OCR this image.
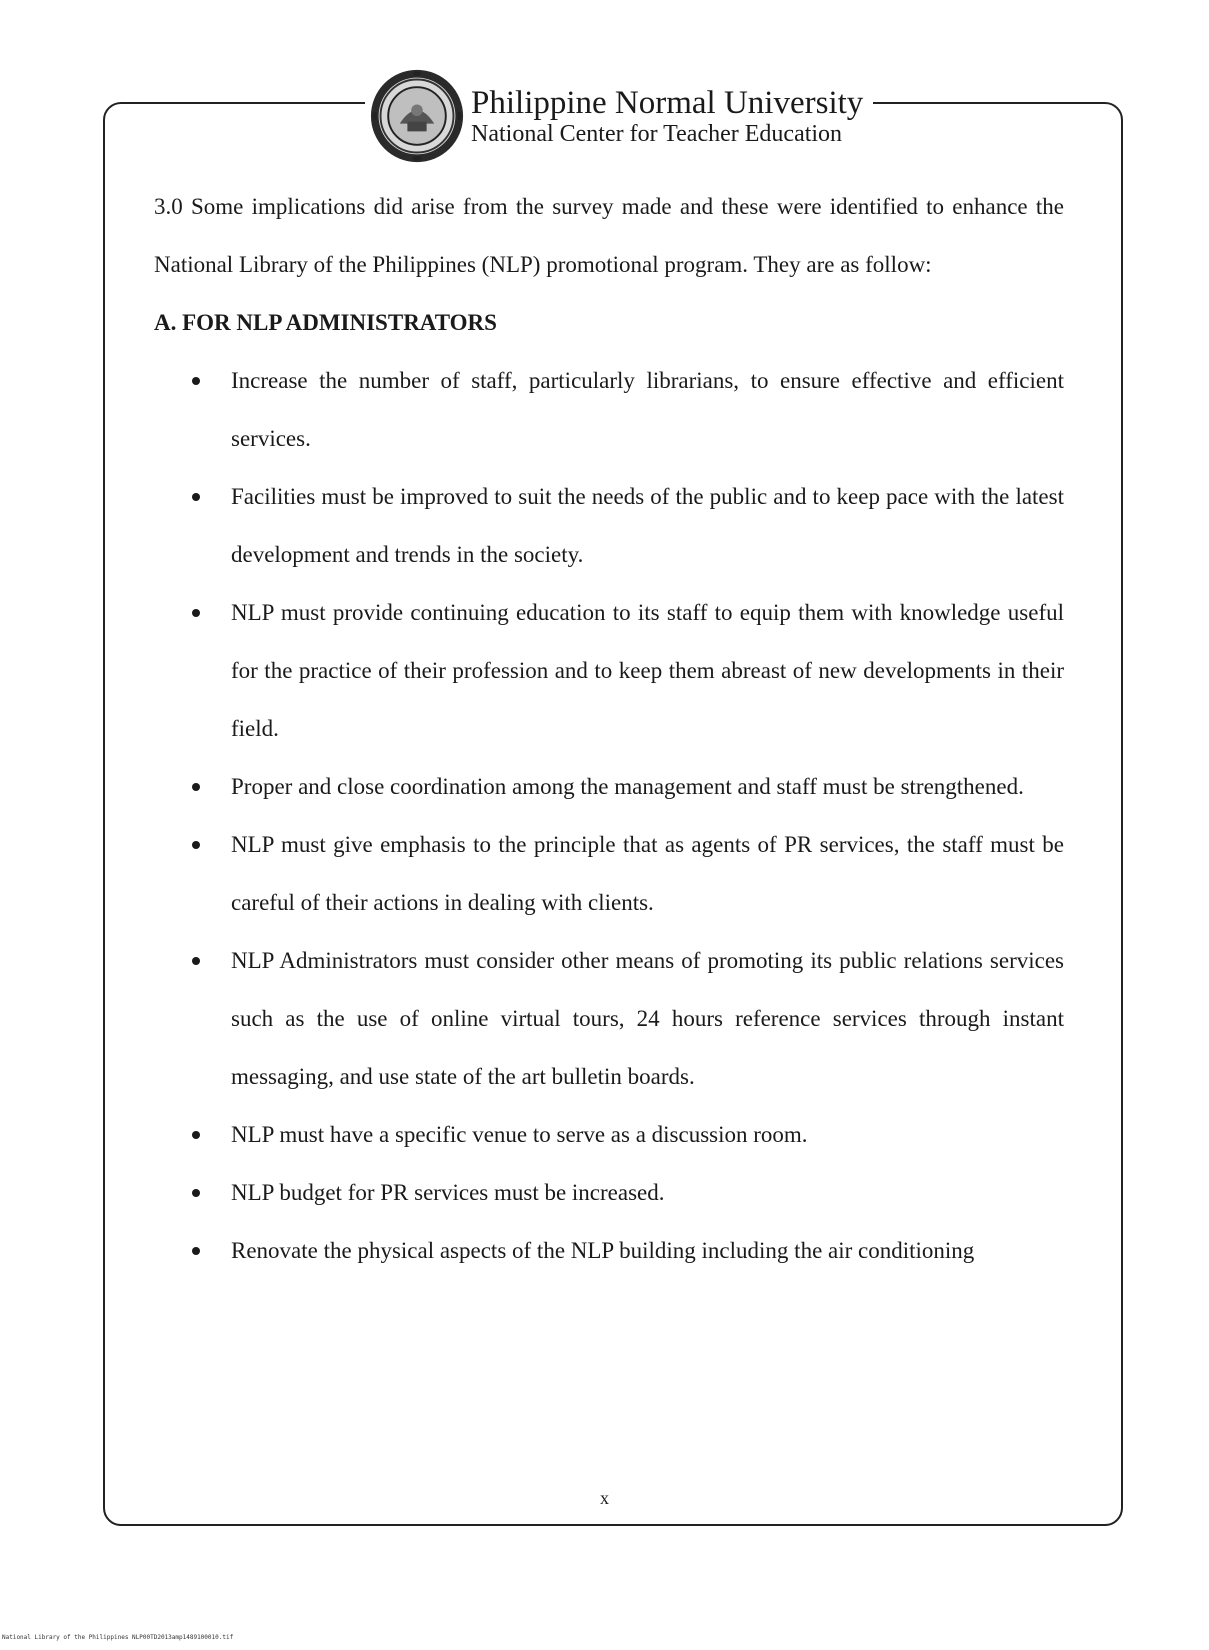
Philippine Normal University
National Center for Teacher Education

3.0 Some implications did arise from the survey made and these were identified to enhance the National Library of the Philippines (NLP) promotional program. They are as follow:

A. FOR NLP ADMINISTRATORS

Increase the number of staff, particularly librarians, to ensure effective and efficient services.
Facilities must be improved to suit the needs of the public and to keep pace with the latest development and trends in the society.
NLP must provide continuing education to its staff to equip them with knowledge useful for the practice of their profession and to keep them abreast of new developments in their field.
Proper and close coordination among the management and staff must be strengthened.
NLP must give emphasis to the principle that as agents of PR services, the staff must be careful of their actions in dealing with clients.
NLP Administrators must consider other means of promoting its public relations services such as the use of online virtual tours, 24 hours reference services through instant messaging, and use state of the art bulletin boards.
NLP must have a specific venue to serve as a discussion room.
NLP budget for PR services must be increased.
Renovate the physical aspects of the NLP building including the air conditioning
x
National Library of the Philippines NLP00TD2013amp1489100010.tif
